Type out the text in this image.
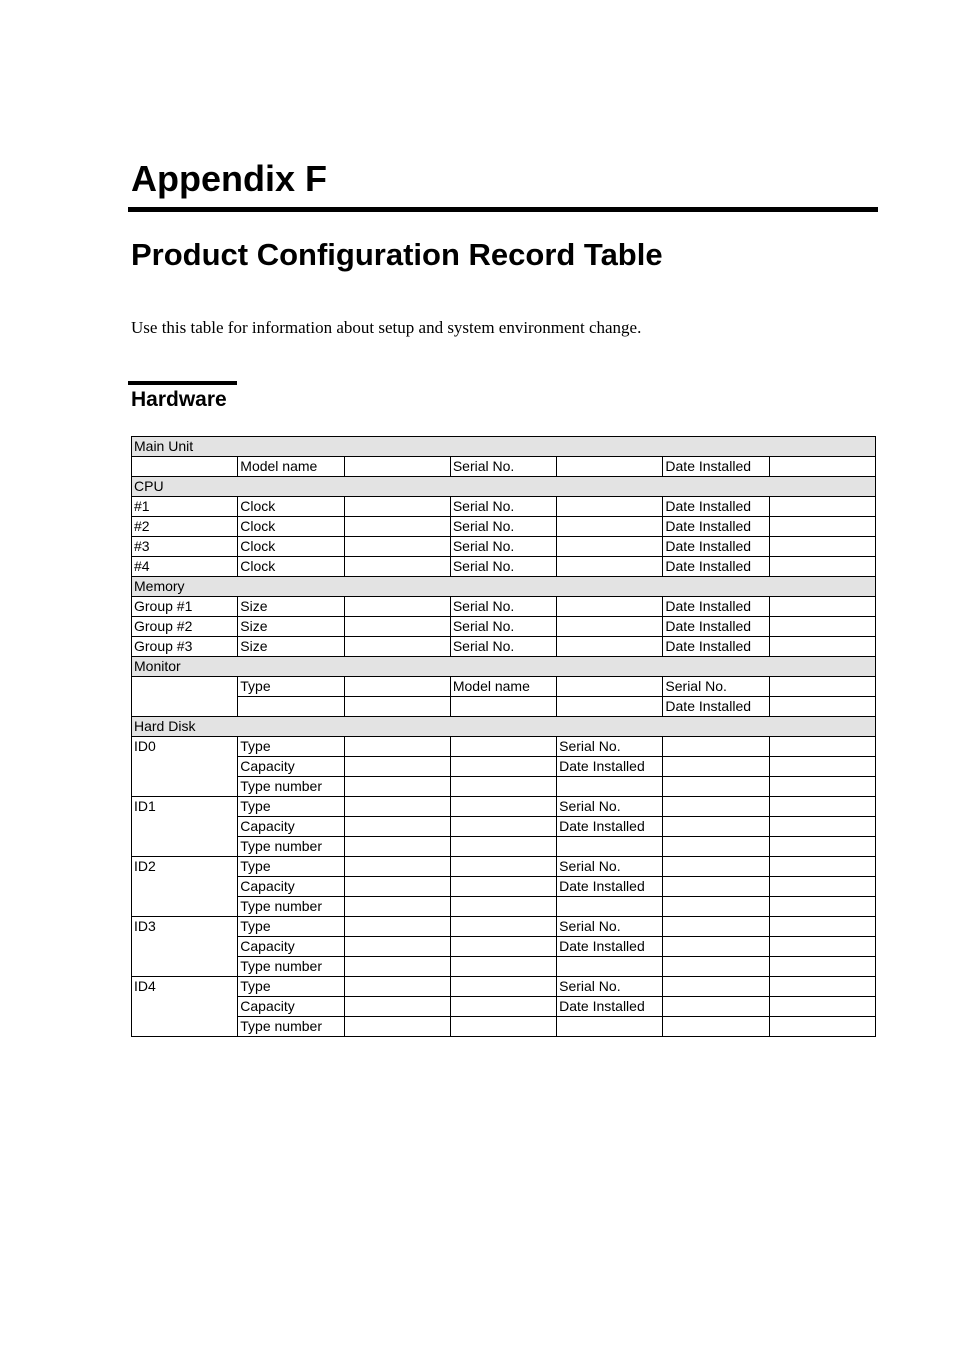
Appendix F
Product Configuration Record Table

Use this table for information about setup and system environment change.

Hardware
Main Unit						
	Model name		Serial No.		Date Installed	
CPU						
#1	Clock		Serial No.		Date Installed	
#2	Clock		Serial No.		Date Installed	
#3	Clock		Serial No.		Date Installed	
#4	Clock		Serial No.		Date Installed	
Memory						
Group #1	Size		Serial No.		Date Installed	
Group #2	Size		Serial No.		Date Installed	
Group #3	Size		Serial No.		Date Installed	
Monitor						
	Type		Model name		Serial No.	
					Date Installed	
Hard Disk						
ID0	Type			Serial No.		
	Capacity			Date Installed		
	Type number					
ID1	Type			Serial No.		
	Capacity			Date Installed		
	Type number					
ID2	Type			Serial No.		
	Capacity			Date Installed		
	Type number					
ID3	Type			Serial No.		
	Capacity			Date Installed		
	Type number					
ID4	Type			Serial No.		
	Capacity			Date Installed		
	Type number					
